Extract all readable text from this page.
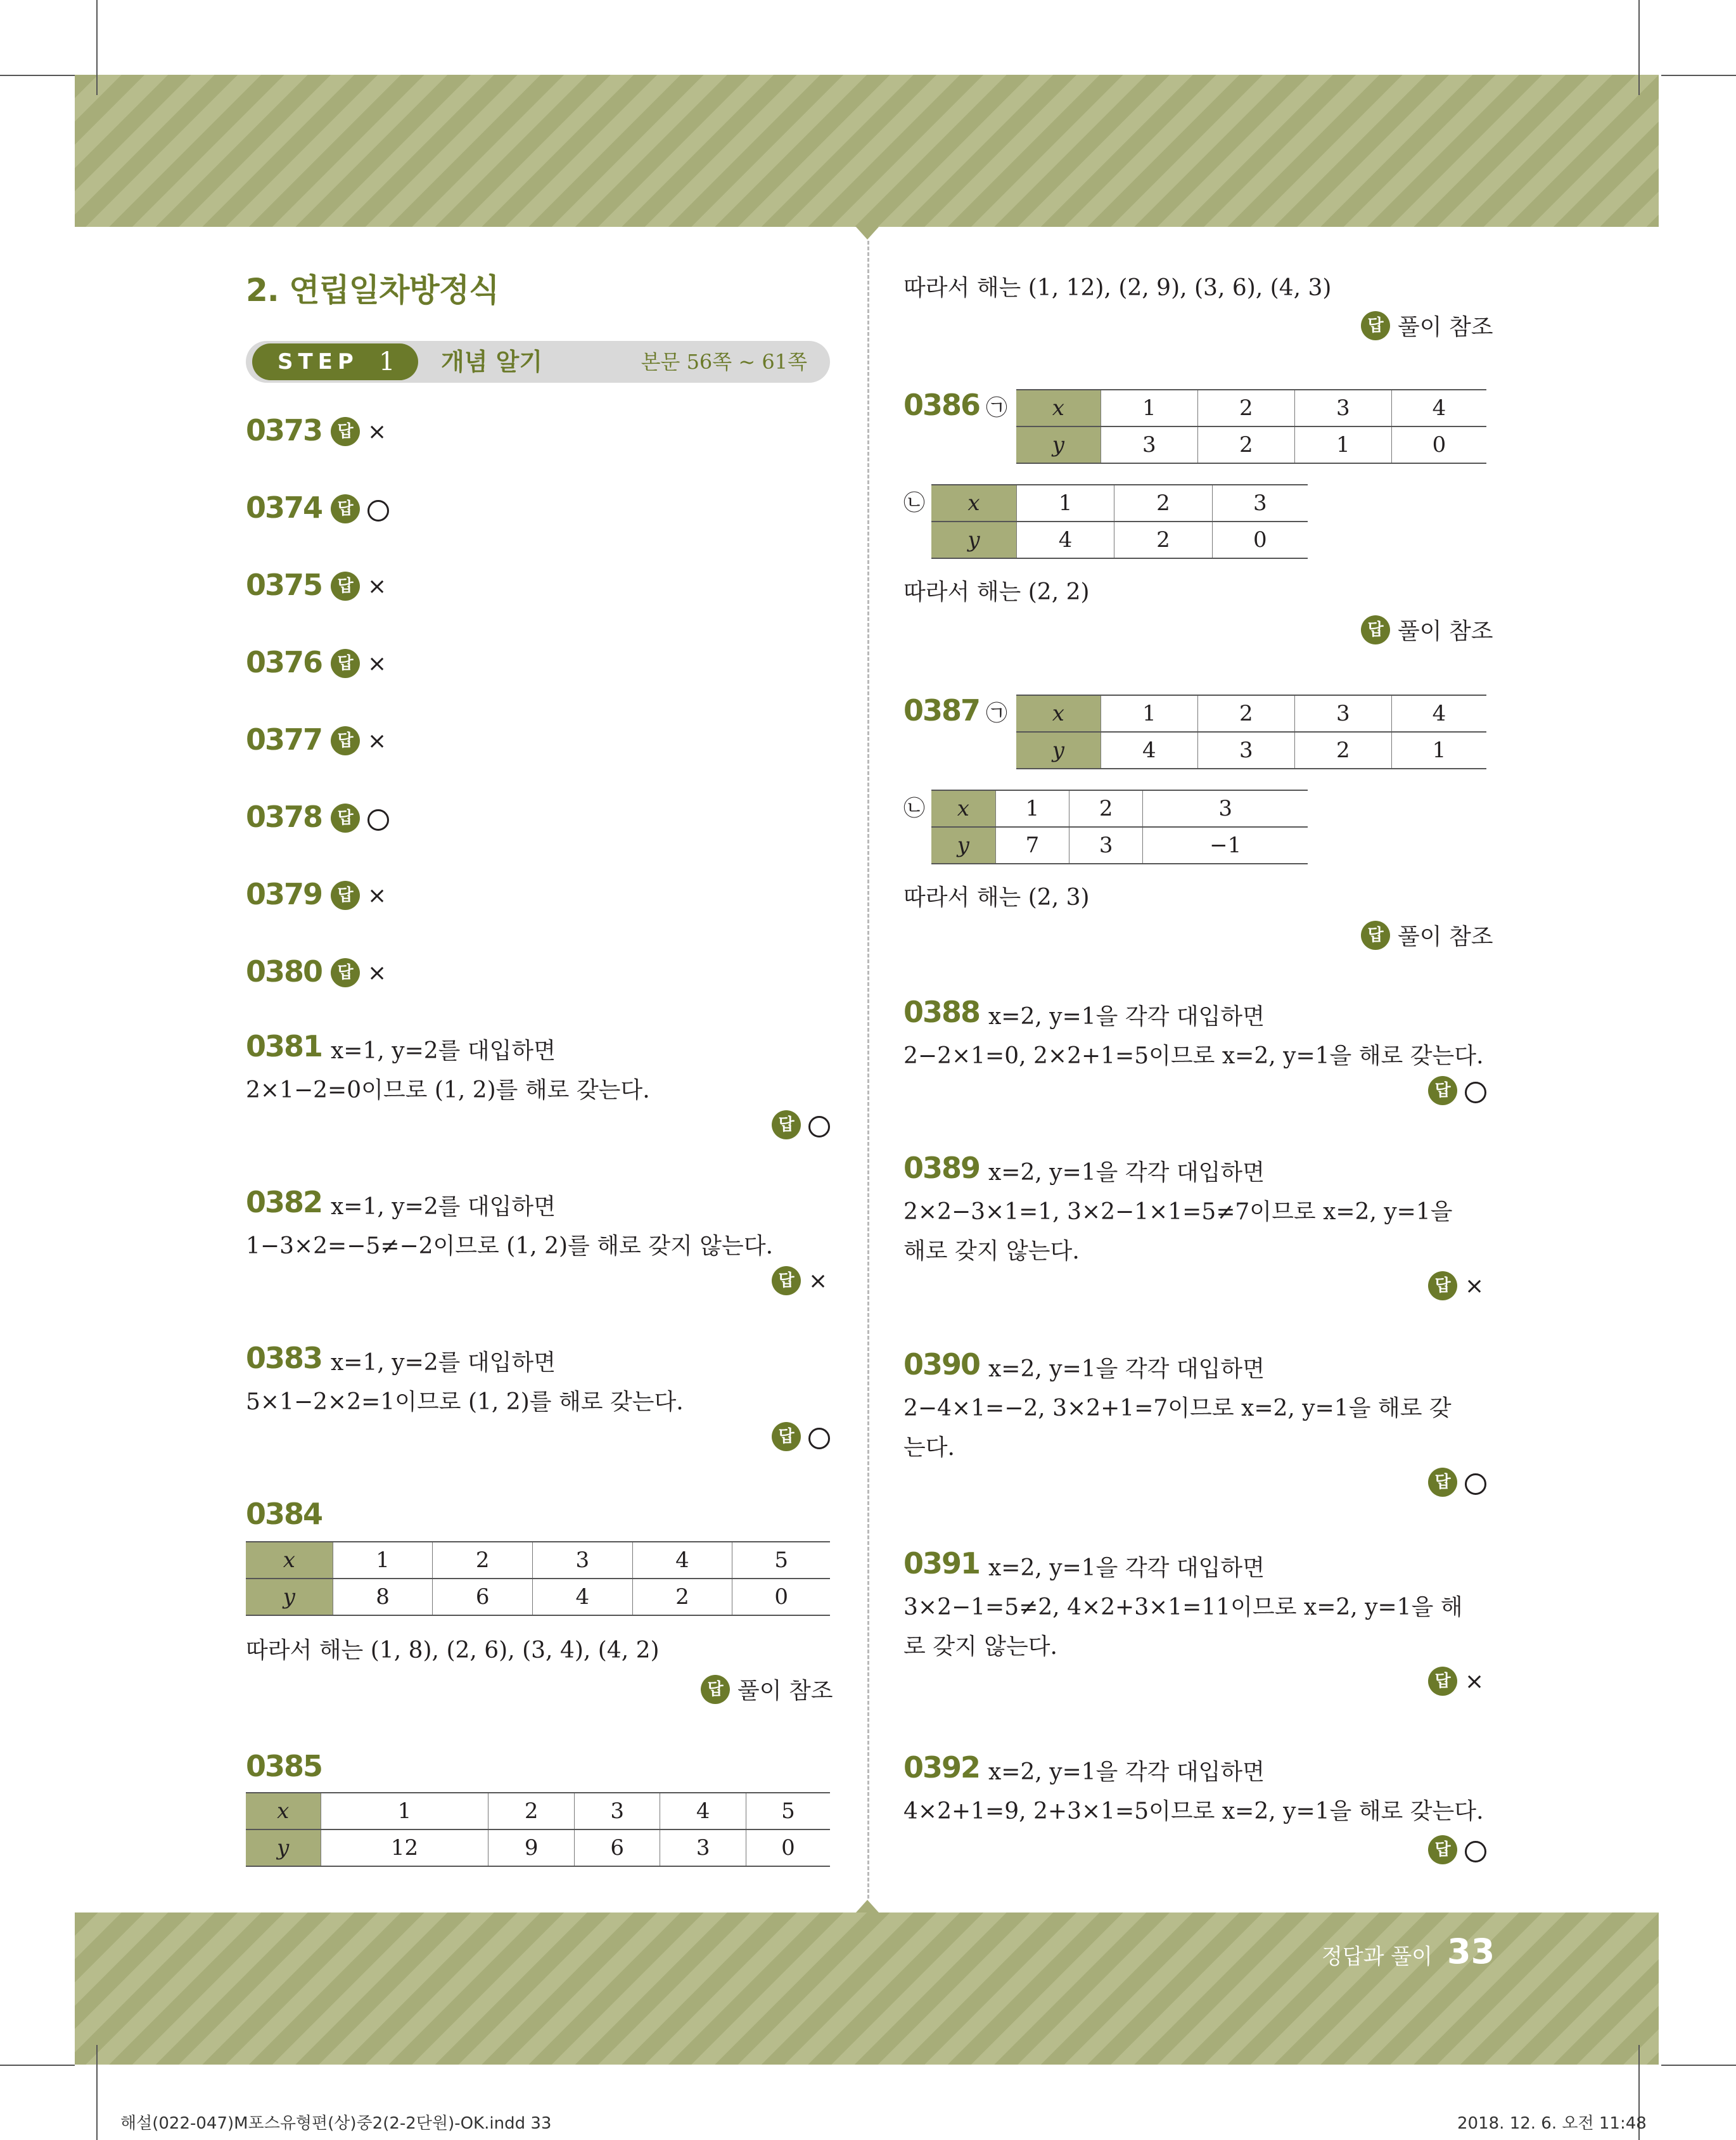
2. 연립일차방정식
STEP 1 개념 알기	본문 56쪽 ~ 61쪽
0373 답 ×
0374 답
0375 답 ×
0376 답 ×
0377 답 ×
0378 답
0379 답 ×
0380 답 ×
0381 x=1, y=2를 대입하면
2×1−2=0이므로 (1, 2)를 해로 갖는다.
답
0382 x=1, y=2를 대입하면
1−3×2=−5≠−2이므로 (1, 2)를 해로 갖지 않는다.
답 ×
0383 x=1, y=2를 대입하면
5×1−2×2=1이므로 (1, 2)를 해로 갖는다.
답
0384
x	1	2	3	4	5
y	8	6	4	2	0
따라서 해는 (1, 8), (2, 6), (3, 4), (4, 2)
답 풀이 참조
0385
x	1	2	3	4	5
y	12	9	6	3	0
따라서 해는 (1, 12), (2, 9), (3, 6), (4, 3)
답 풀이 참조
0386 ㉠ x	1	2	3	4
y	3	2	1	0
㉡ x	1	2	3
y	4	2	0
따라서 해는 (2, 2)
답 풀이 참조
0387 ㉠ x	1	2	3	4
y	4	3	2	1
㉡ x	1	2	3
y	7	3	−1
따라서 해는 (2, 3)
답 풀이 참조
0388 x=2, y=1을 각각 대입하면
2−2×1=0, 2×2+1=5이므로 x=2, y=1을 해로 갖는다.
답
0389 x=2, y=1을 각각 대입하면
2×2−3×1=1, 3×2−1×1=5≠7이므로 x=2, y=1을
해로 갖지 않는다.
답 ×
0390 x=2, y=1을 각각 대입하면
2−4×1=−2, 3×2+1=7이므로 x=2, y=1을 해로 갖
는다.
답
0391 x=2, y=1을 각각 대입하면
3×2−1=5≠2, 4×2+3×1=11이므로 x=2, y=1을 해
로 갖지 않는다.
답 ×
0392 x=2, y=1을 각각 대입하면
4×2+1=9, 2+3×1=5이므로 x=2, y=1을 해로 갖는다.
답
정답과 풀이 33
해설(022-047)M포스유형편(상)중2(2-2단원)-OK.indd 33	2018. 12. 6. 오전 11:48
